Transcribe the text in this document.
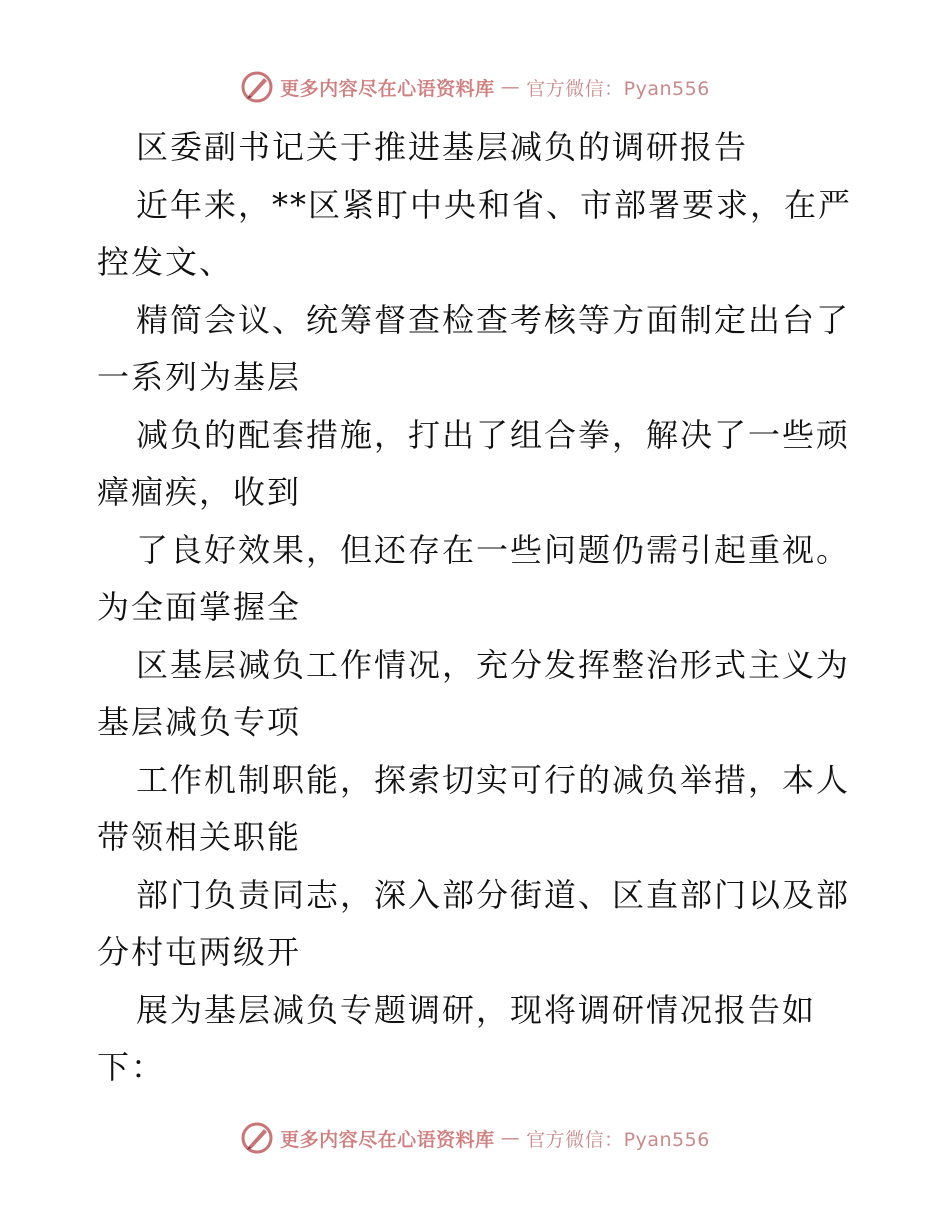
更多内容尽在心语资料库 — 官方微信：Pyan556
区委副书记关于推进基层减负的调研报告
近年来，**区紧盯中央和省、市部署要求，在严
控发文、
精简会议、统筹督查检查考核等方面制定出台了
一系列为基层
减负的配套措施，打出了组合拳，解决了一些顽
瘴痼疾，收到
了良好效果，但还存在一些问题仍需引起重视。
为全面掌握全
区基层减负工作情况，充分发挥整治形式主义为
基层减负专项
工作机制职能，探索切实可行的减负举措，本人
带领相关职能
部门负责同志，深入部分街道、区直部门以及部
分村屯两级开
展为基层减负专题调研，现将调研情况报告如
下：
更多内容尽在心语资料库 — 官方微信：Pyan556
